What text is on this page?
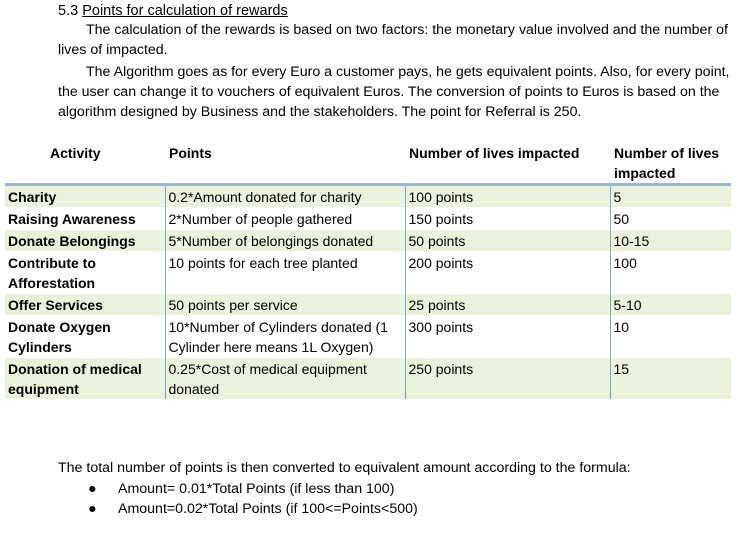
5.3 Points for calculation of rewards
The calculation of the rewards is based on two factors: the monetary value involved and the number of lives of impacted.
The Algorithm goes as for every Euro a customer pays, he gets equivalent points. Also, for every point, the user can change it to vouchers of equivalent Euros. The conversion of points to Euros is based on the algorithm designed by Business and the stakeholders. The point for Referral is 250.
Activity	Points	Number of lives impacted	Number of lives impacted
Charity	0.2*Amount donated for charity	100 points	5
Raising Awareness	2*Number of people gathered	150 points	50
Donate Belongings	5*Number of belongings donated	50 points	10-15
Contribute to Afforestation	10 points for each tree planted	200 points	100
Offer Services	50 points per service	25 points	5-10
Donate Oxygen Cylinders	10*Number of Cylinders donated (1 Cylinder here means 1L Oxygen)	300 points	10
Donation of medical equipment	0.25*Cost of medical equipment donated	250 points	15
The total number of points is then converted to equivalent amount according to the formula:
● Amount= 0.01*Total Points (if less than 100)
● Amount=0.02*Total Points (if 100<=Points<500)
